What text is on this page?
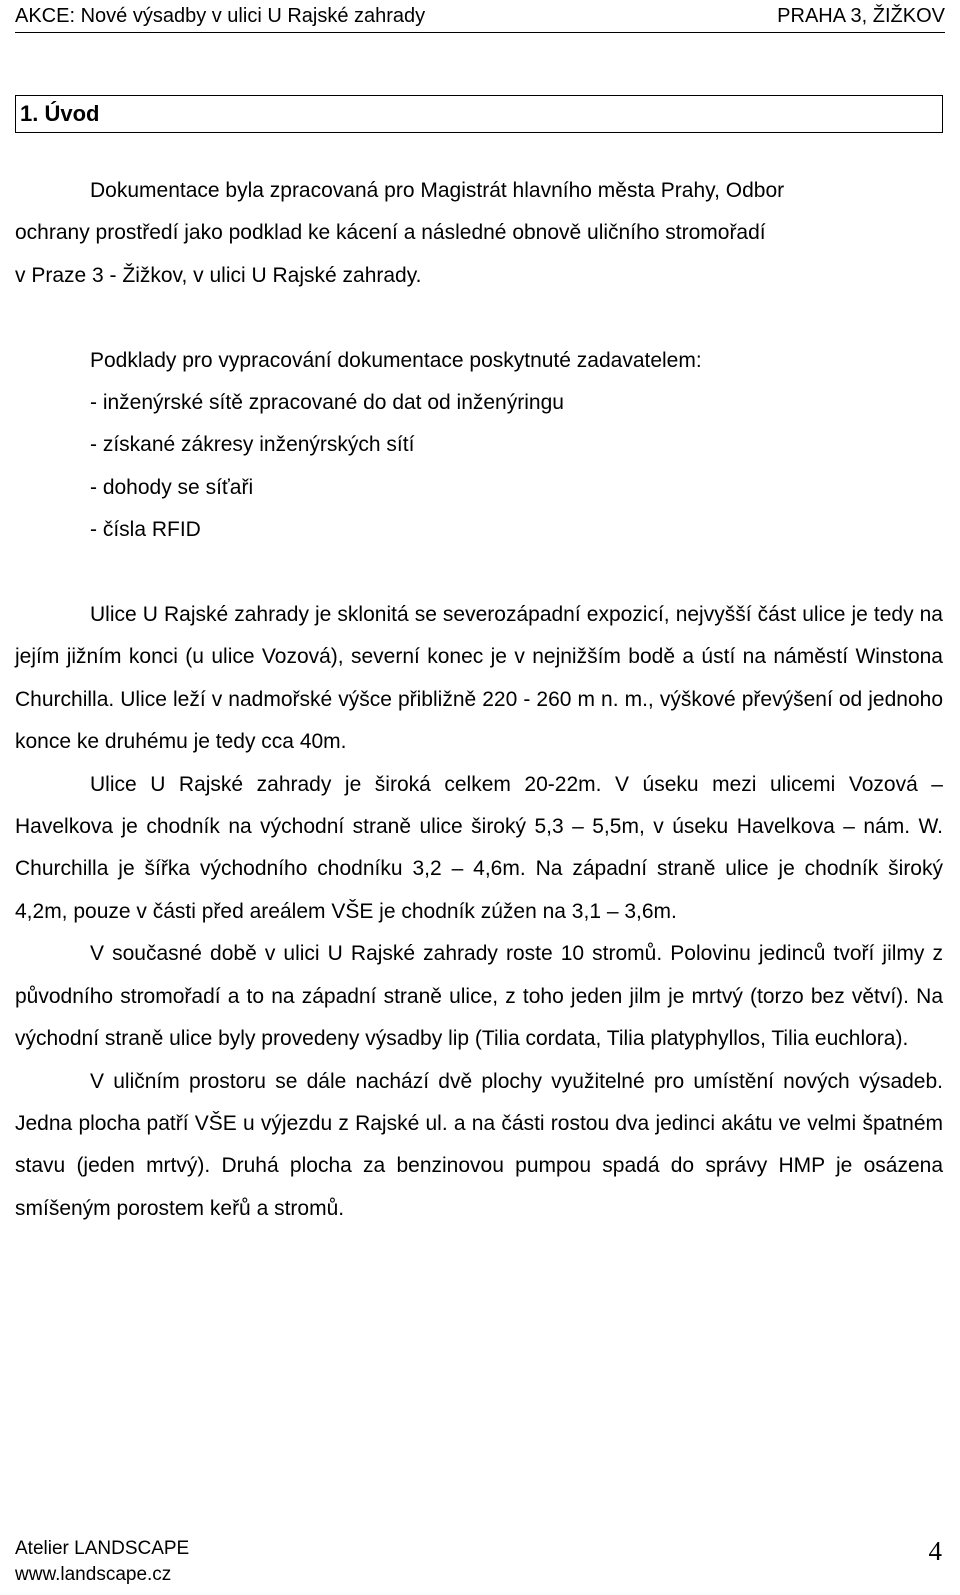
AKCE: Nové výsadby v ulici U Rajské zahrady	PRAHA 3, ŽIŽKOV
1. Úvod

Dokumentace byla zpracovaná pro Magistrát hlavního města Prahy, Odbor

ochrany prostředí jako podklad ke kácení a následné obnově uličního stromořadí

v Praze 3 - Žižkov, v ulici U Rajské zahrady.

Podklady pro vypracování dokumentace poskytnuté zadavatelem:

- inženýrské sítě zpracované do dat od inženýringu

- získané zákresy inženýrských sítí

- dohody se síťaři

- čísla RFID

Ulice U Rajské zahrady je sklonitá se severozápadní expozicí, nejvyšší část ulice je tedy na jejím jižním konci (u ulice Vozová), severní konec je v nejnižším bodě a ústí na náměstí Winstona Churchilla. Ulice leží v nadmořské výšce přibližně 220 - 260 m n. m., výškové převýšení od jednoho konce ke druhému je tedy cca 40m.

Ulice U Rajské zahrady je široká celkem 20-22m. V úseku mezi ulicemi Vozová – Havelkova je chodník na východní straně ulice široký 5,3 – 5,5m, v úseku Havelkova – nám. W. Churchilla je šířka východního chodníku 3,2 – 4,6m. Na západní straně ulice je chodník široký 4,2m, pouze v části před areálem VŠE je chodník zúžen na 3,1 – 3,6m.

V současné době v ulici U Rajské zahrady roste 10 stromů. Polovinu jedinců tvoří jilmy z původního stromořadí a to na západní straně ulice, z toho jeden jilm je mrtvý (torzo bez větví). Na východní straně ulice byly provedeny výsadby lip (Tilia cordata, Tilia platyphyllos, Tilia euchlora).

V uličním prostoru se dále nachází dvě plochy využitelné pro umístění nových výsadeb. Jedna plocha patří VŠE u výjezdu z Rajské ul. a na části rostou dva jedinci akátu ve velmi špatném stavu (jeden mrtvý). Druhá plocha za benzinovou pumpou spadá do správy HMP je osázena smíšeným porostem keřů a stromů.

Atelier LANDSCAPE
www.landscape.cz
4
